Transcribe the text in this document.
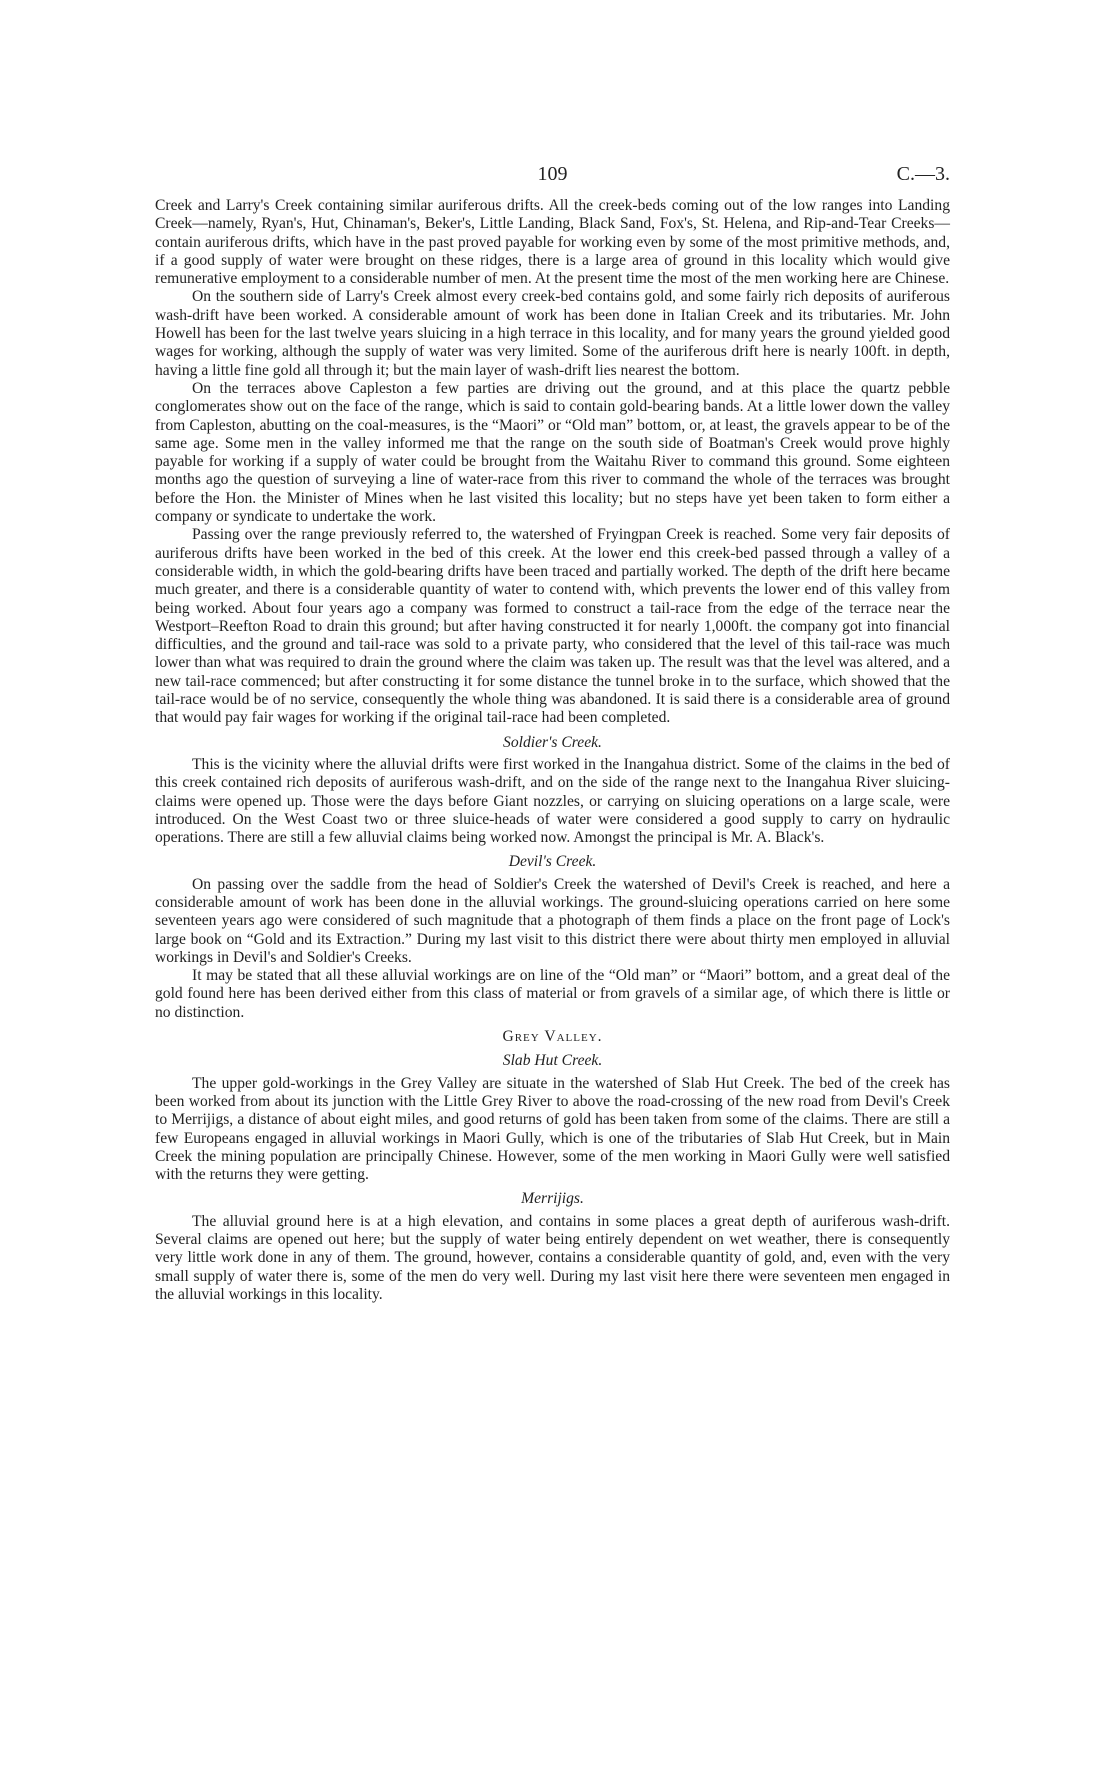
109	C.—3.

Creek and Larry's Creek containing similar auriferous drifts. All the creek-beds coming out of the low ranges into Landing Creek—namely, Ryan's, Hut, Chinaman's, Beker's, Little Landing, Black Sand, Fox's, St. Helena, and Rip-and-Tear Creeks—contain auriferous drifts, which have in the past proved payable for working even by some of the most primitive methods, and, if a good supply of water were brought on these ridges, there is a large area of ground in this locality which would give remunerative employment to a considerable number of men. At the present time the most of the men working here are Chinese.

On the southern side of Larry's Creek almost every creek-bed contains gold, and some fairly rich deposits of auriferous wash-drift have been worked. A considerable amount of work has been done in Italian Creek and its tributaries. Mr. John Howell has been for the last twelve years sluicing in a high terrace in this locality, and for many years the ground yielded good wages for working, although the supply of water was very limited. Some of the auriferous drift here is nearly 100ft. in depth, having a little fine gold all through it; but the main layer of wash-drift lies nearest the bottom.

On the terraces above Capleston a few parties are driving out the ground, and at this place the quartz pebble conglomerates show out on the face of the range, which is said to contain gold-bearing bands. At a little lower down the valley from Capleston, abutting on the coal-measures, is the “Maori” or “Old man” bottom, or, at least, the gravels appear to be of the same age. Some men in the valley informed me that the range on the south side of Boatman's Creek would prove highly payable for working if a supply of water could be brought from the Waitahu River to command this ground. Some eighteen months ago the question of surveying a line of water-race from this river to command the whole of the terraces was brought before the Hon. the Minister of Mines when he last visited this locality; but no steps have yet been taken to form either a company or syndicate to undertake the work.

Passing over the range previously referred to, the watershed of Fryingpan Creek is reached. Some very fair deposits of auriferous drifts have been worked in the bed of this creek. At the lower end this creek-bed passed through a valley of a considerable width, in which the gold-bearing drifts have been traced and partially worked. The depth of the drift here became much greater, and there is a considerable quantity of water to contend with, which prevents the lower end of this valley from being worked. About four years ago a company was formed to construct a tail-race from the edge of the terrace near the Westport–Reefton Road to drain this ground; but after having constructed it for nearly 1,000ft. the company got into financial difficulties, and the ground and tail-race was sold to a private party, who considered that the level of this tail-race was much lower than what was required to drain the ground where the claim was taken up. The result was that the level was altered, and a new tail-race commenced; but after constructing it for some distance the tunnel broke in to the surface, which showed that the tail-race would be of no service, consequently the whole thing was abandoned. It is said there is a considerable area of ground that would pay fair wages for working if the original tail-race had been completed.

Soldier's Creek.

This is the vicinity where the alluvial drifts were first worked in the Inangahua district. Some of the claims in the bed of this creek contained rich deposits of auriferous wash-drift, and on the side of the range next to the Inangahua River sluicing-claims were opened up. Those were the days before Giant nozzles, or carrying on sluicing operations on a large scale, were introduced. On the West Coast two or three sluice-heads of water were considered a good supply to carry on hydraulic operations. There are still a few alluvial claims being worked now. Amongst the principal is Mr. A. Black's.

Devil's Creek.

On passing over the saddle from the head of Soldier's Creek the watershed of Devil's Creek is reached, and here a considerable amount of work has been done in the alluvial workings. The ground-sluicing operations carried on here some seventeen years ago were considered of such magnitude that a photograph of them finds a place on the front page of Lock's large book on “Gold and its Extraction.” During my last visit to this district there were about thirty men employed in alluvial workings in Devil's and Soldier's Creeks.

It may be stated that all these alluvial workings are on line of the “Old man” or “Maori” bottom, and a great deal of the gold found here has been derived either from this class of material or from gravels of a similar age, of which there is little or no distinction.

Grey Valley.
Slab Hut Creek.

The upper gold-workings in the Grey Valley are situate in the watershed of Slab Hut Creek. The bed of the creek has been worked from about its junction with the Little Grey River to above the road-crossing of the new road from Devil's Creek to Merrijigs, a distance of about eight miles, and good returns of gold has been taken from some of the claims. There are still a few Europeans engaged in alluvial workings in Maori Gully, which is one of the tributaries of Slab Hut Creek, but in Main Creek the mining population are principally Chinese. However, some of the men working in Maori Gully were well satisfied with the returns they were getting.

Merrijigs.

The alluvial ground here is at a high elevation, and contains in some places a great depth of auriferous wash-drift. Several claims are opened out here; but the supply of water being entirely dependent on wet weather, there is consequently very little work done in any of them. The ground, however, contains a considerable quantity of gold, and, even with the very small supply of water there is, some of the men do very well. During my last visit here there were seventeen men engaged in the alluvial workings in this locality.
